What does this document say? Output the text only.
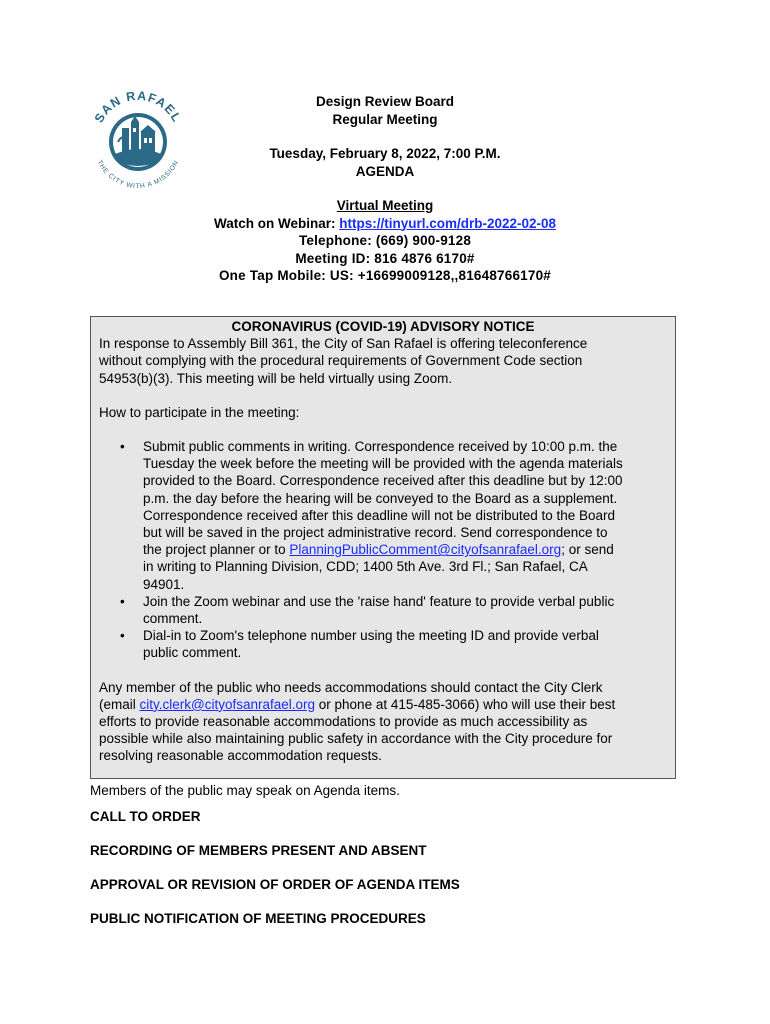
SAN RAFAEL
THE CITY WITH A MISSION
Design Review Board
Regular Meeting
Tuesday, February 8, 2022, 7:00 P.M.
AGENDA
Virtual Meeting
Watch on Webinar: https://tinyurl.com/drb-2022-02-08
Telephone: (669) 900-9128
Meeting ID: 816 4876 6170#
One Tap Mobile: US: +16699009128,,81648766170#
CORONAVIRUS (COVID-19) ADVISORY NOTICE

In response to Assembly Bill 361, the City of San Rafael is offering teleconference
without complying with the procedural requirements of Government Code section
54953(b)(3). This meeting will be held virtually using Zoom.

How to participate in the meeting:

• Submit public comments in writing. Correspondence received by 10:00 p.m. the
Tuesday the week before the meeting will be provided with the agenda materials
provided to the Board. Correspondence received after this deadline but by 12:00
p.m. the day before the hearing will be conveyed to the Board as a supplement.
Correspondence received after this deadline will not be distributed to the Board
but will be saved in the project administrative record. Send correspondence to
the project planner or to PlanningPublicComment@cityofsanrafael.org; or send
in writing to Planning Division, CDD; 1400 5th Ave. 3rd Fl.; San Rafael, CA
94901.
• Join the Zoom webinar and use the 'raise hand' feature to provide verbal public
comment.
• Dial-in to Zoom's telephone number using the meeting ID and provide verbal
public comment.

Any member of the public who needs accommodations should contact the City Clerk
(email city.clerk@cityofsanrafael.org or phone at 415-485-3066) who will use their best
efforts to provide reasonable accommodations to provide as much accessibility as
possible while also maintaining public safety in accordance with the City procedure for
resolving reasonable accommodation requests.

Members of the public may speak on Agenda items.
CALL TO ORDER
RECORDING OF MEMBERS PRESENT AND ABSENT
APPROVAL OR REVISION OF ORDER OF AGENDA ITEMS
PUBLIC NOTIFICATION OF MEETING PROCEDURES
